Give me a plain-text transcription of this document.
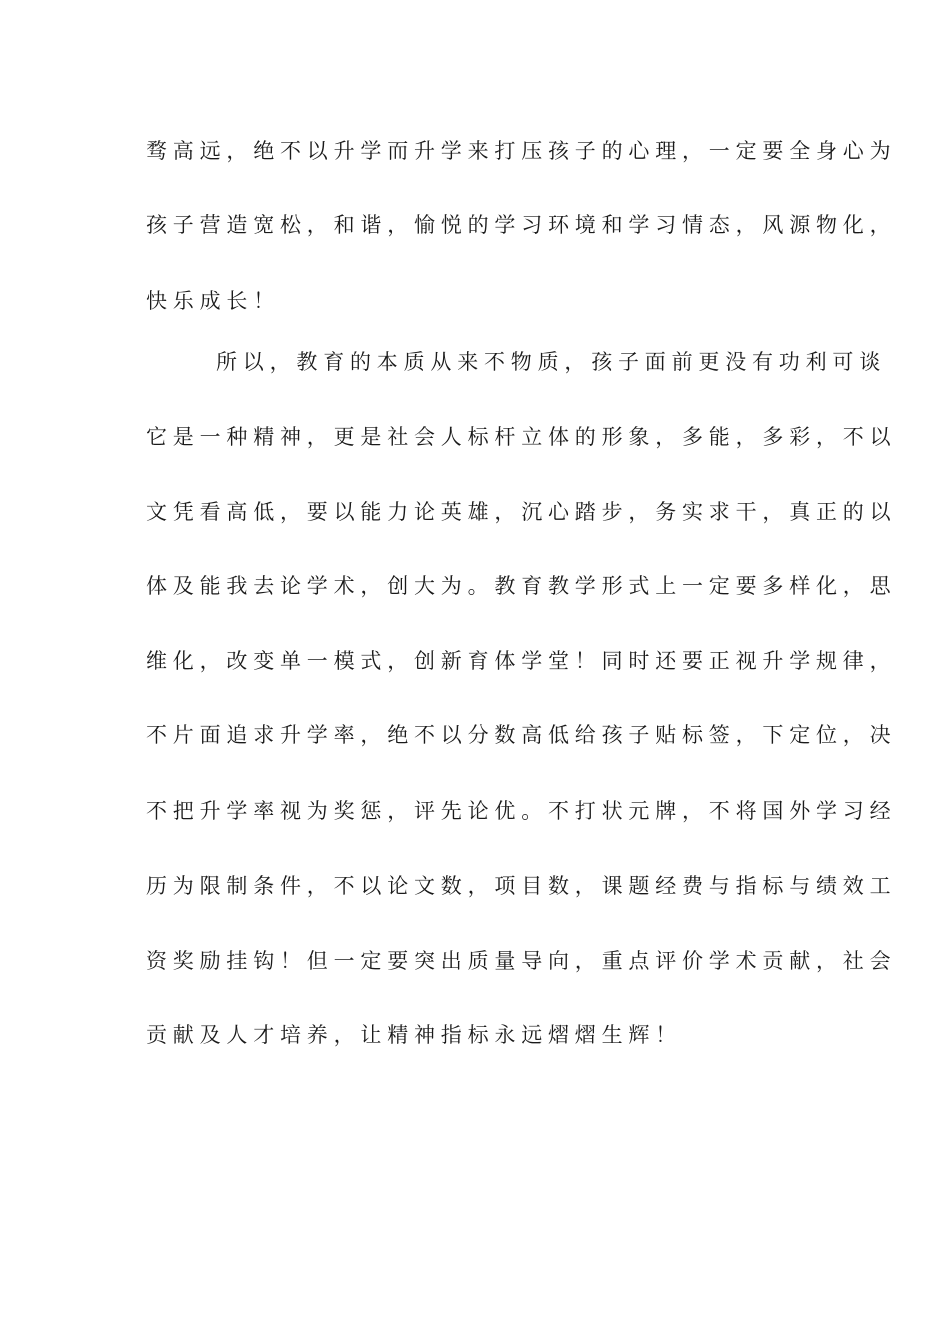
骛高远，绝不以升学而升学来打压孩子的心理，一定要全身心为
孩子营造宽松，和谐，愉悦的学习环境和学习情态，风源物化，
快乐成长！
所以，教育的本质从来不物质，孩子面前更没有功利可谈
它是一种精神，更是社会人标杆立体的形象，多能，多彩，不以
文凭看高低，要以能力论英雄，沉心踏步，务实求干，真正的以
体及能我去论学术，创大为。教育教学形式上一定要多样化，思
维化，改变单一模式，创新育体学堂！同时还要正视升学规律，
不片面追求升学率，绝不以分数高低给孩子贴标签，下定位，决
不把升学率视为奖惩，评先论优。不打状元牌，不将国外学习经
历为限制条件，不以论文数，项目数，课题经费与指标与绩效工
资奖励挂钩！但一定要突出质量导向，重点评价学术贡献，社会
贡献及人才培养，让精神指标永远熠熠生辉！
